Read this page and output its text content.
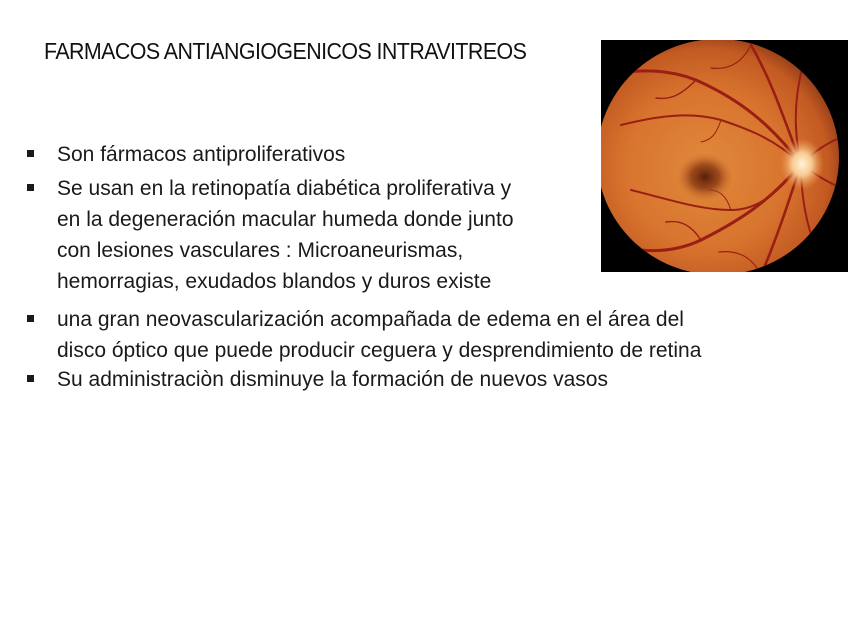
FARMACOS ANTIANGIOGENICOS INTRAVITREOS
Son fármacos antiproliferativos
Se usan en la retinopatía diabética proliferativa y
en la degeneración macular humeda donde junto
con lesiones vasculares : Microaneurismas,
hemorragias, exudados blandos y duros existe
una gran neovascularización acompañada de edema en el área del
disco óptico que puede producir ceguera y desprendimiento de retina
Su administraciòn disminuye la formación de nuevos vasos
